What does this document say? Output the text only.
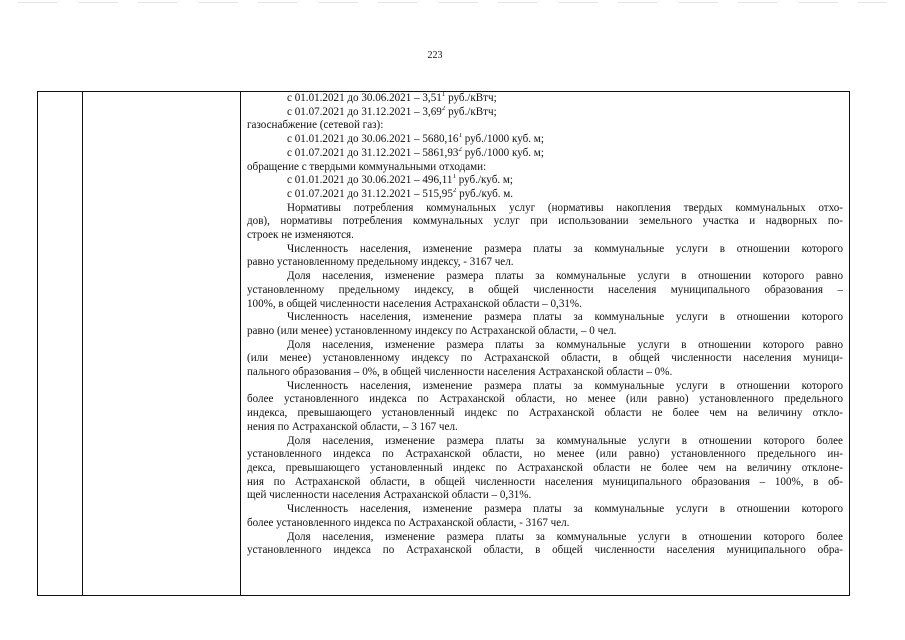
223

с 01.01.2021 до 30.06.2021 – 3,51$^1$ руб./кВтч;
с 01.07.2021 до 31.12.2021 – 3,69$^2$ руб./кВтч;
газоснабжение (сетевой газ):
с 01.01.2021 до 30.06.2021 – 5680,16$^1$ руб./1000 куб. м;
с 01.07.2021 до 31.12.2021 – 5861,93$^2$ руб./1000 куб. м;
обращение с твердыми коммунальными отходами:
с 01.01.2021 до 30.06.2021 – 496,11$^1$ руб./куб. м;
с 01.07.2021 до 31.12.2021 – 515,95$^2$ руб./куб. м.
Нормативы потребления коммунальных услуг (нормативы накопления твердых коммунальных отхо-
дов), нормативы потребления коммунальных услуг при использовании земельного участка и надворных по-
строек не изменяются.
Численность населения, изменение размера платы за коммунальные услуги в отношении которого
равно установленному предельному индексу, - 3167 чел.
Доля населения, изменение размера платы за коммунальные услуги в отношении которого равно
установленному предельному индексу, в общей численности населения муниципального образования –
100%, в общей численности населения Астраханской области – 0,31%.
Численность населения, изменение размера платы за коммунальные услуги в отношении которого
равно (или менее) установленному индексу по Астраханской области, – 0 чел.
Доля населения, изменение размера платы за коммунальные услуги в отношении которого равно
(или менее) установленному индексу по Астраханской области, в общей численности населения муници-
пального образования – 0%, в общей численности населения Астраханской области – 0%.
Численность населения, изменение размера платы за коммунальные услуги в отношении которого
более установленного индекса по Астраханской области, но менее (или равно) установленного предельного
индекса, превышающего установленный индекс по Астраханской области не более чем на величину откло-
нения по Астраханской области, – 3 167 чел.
Доля населения, изменение размера платы за коммунальные услуги в отношении которого более
установленного индекса по Астраханской области, но менее (или равно) установленного предельного ин-
декса, превышающего установленный индекс по Астраханской области не более чем на величину отклоне-
ния по Астраханской области, в общей численности населения муниципального образования – 100%, в об-
щей численности населения Астраханской области – 0,31%.
Численность населения, изменение размера платы за коммунальные услуги в отношении которого
более установленного индекса по Астраханской области, - 3167 чел.
Доля населения, изменение размера платы за коммунальные услуги в отношении которого более
установленного индекса по Астраханской области, в общей численности населения муниципального обра-
